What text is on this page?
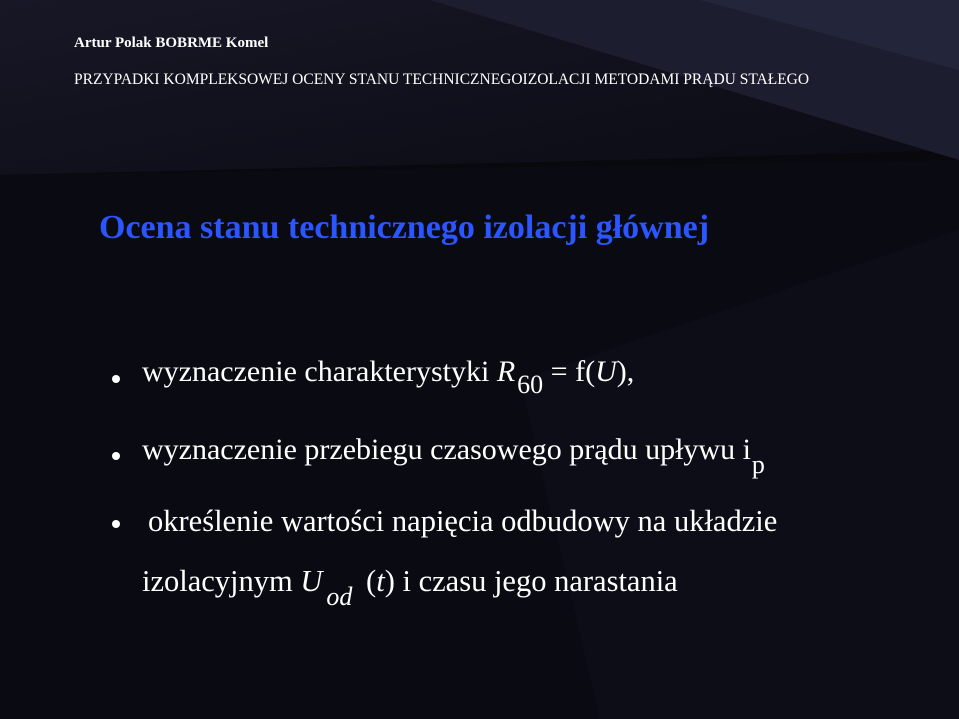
Artur Polak BOBRME Komel
PRZYPADKI KOMPLEKSOWEJ OCENY STANU TECHNICZNEGOIZOLACJI METODAMI PRĄDU STAŁEGO
Ocena stanu technicznego izolacji głównej
wyznaczenie charakterystyki R60 = f(U),
wyznaczenie przebiegu czasowego prądu upływu ip
określenie wartości napięcia odbudowy na układzie
izolacyjnym U od (t) i czasu jego narastania
